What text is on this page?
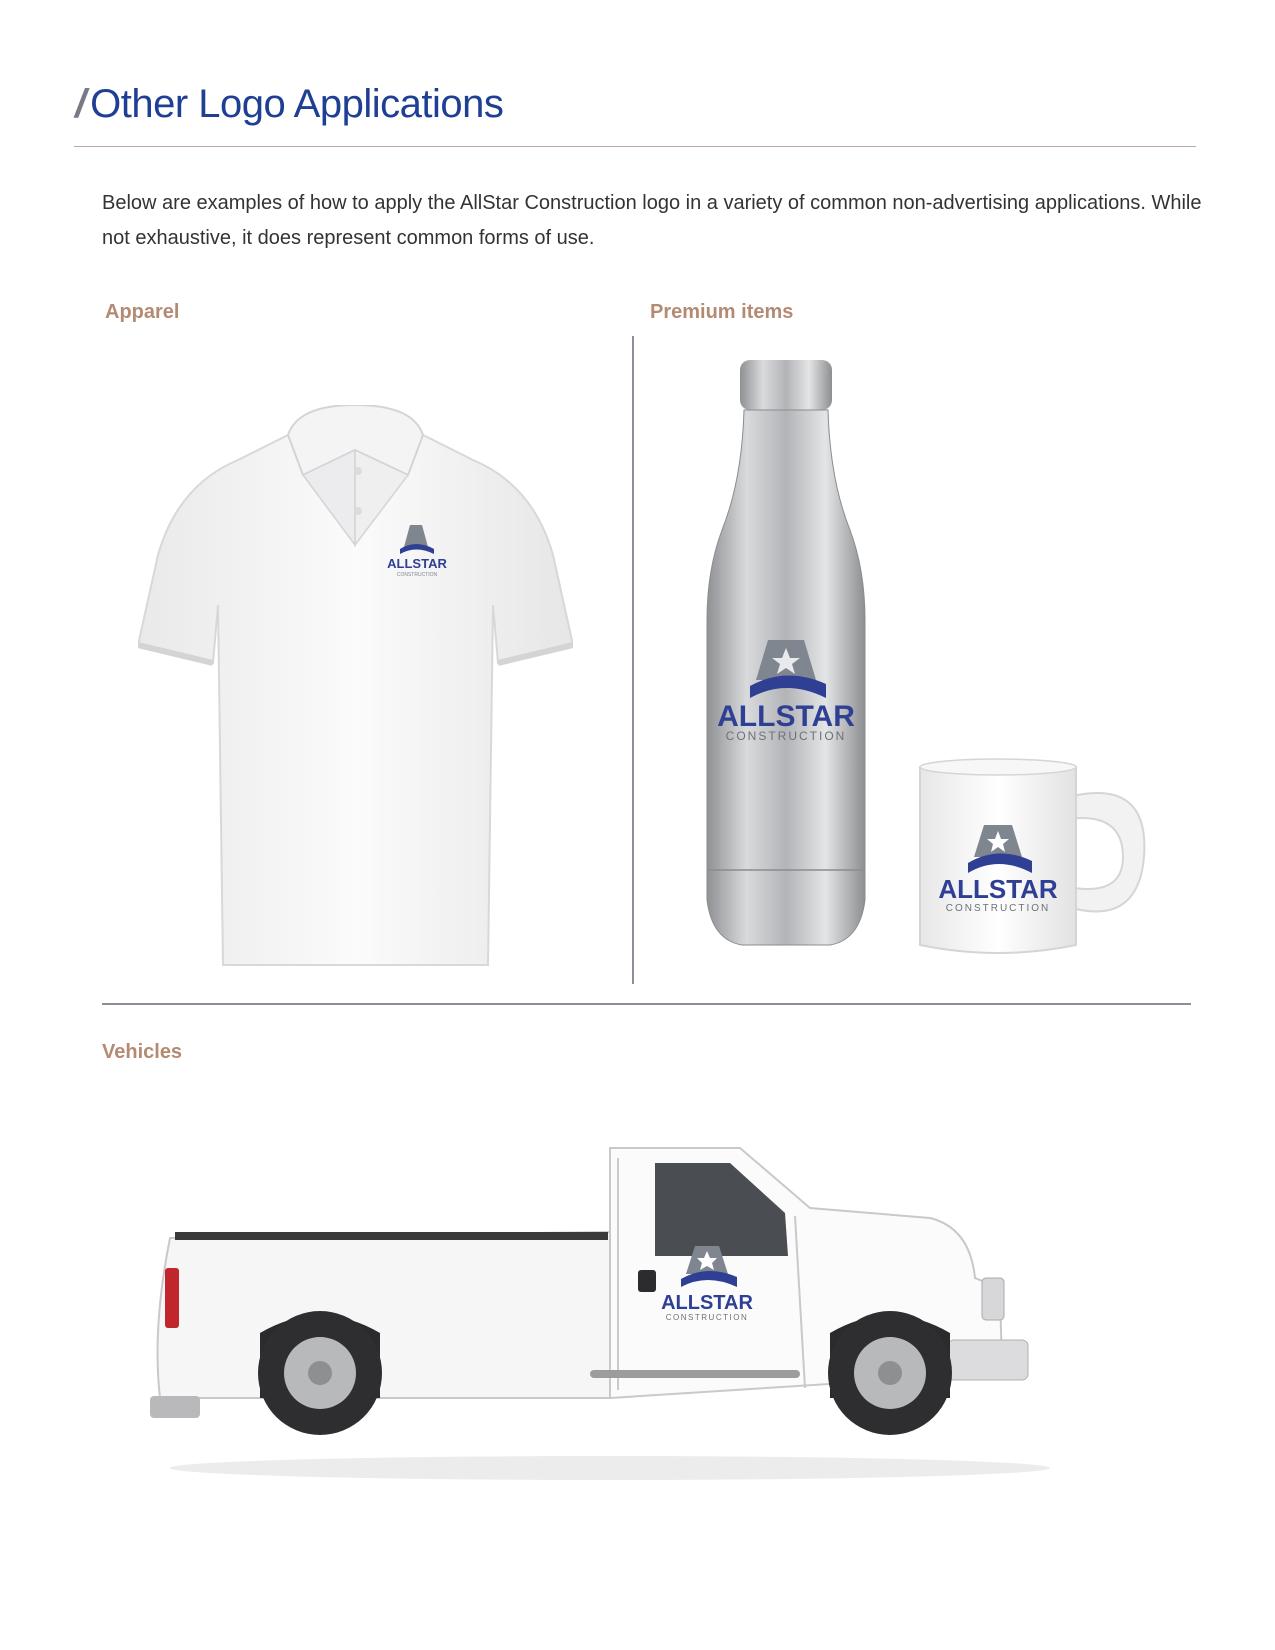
/ Other Logo Applications

Below are examples of how to apply the AllStar Construction logo in a variety of common non-advertising applications. While not exhaustive, it does represent common forms of use.

Apparel	Premium items
Vehicles
ALLSTAR
CONSTRUCTION
ALLSTAR
CONSTRUCTION
ALLSTAR
CONSTRUCTION
ALLSTAR
CONSTRUCTION
